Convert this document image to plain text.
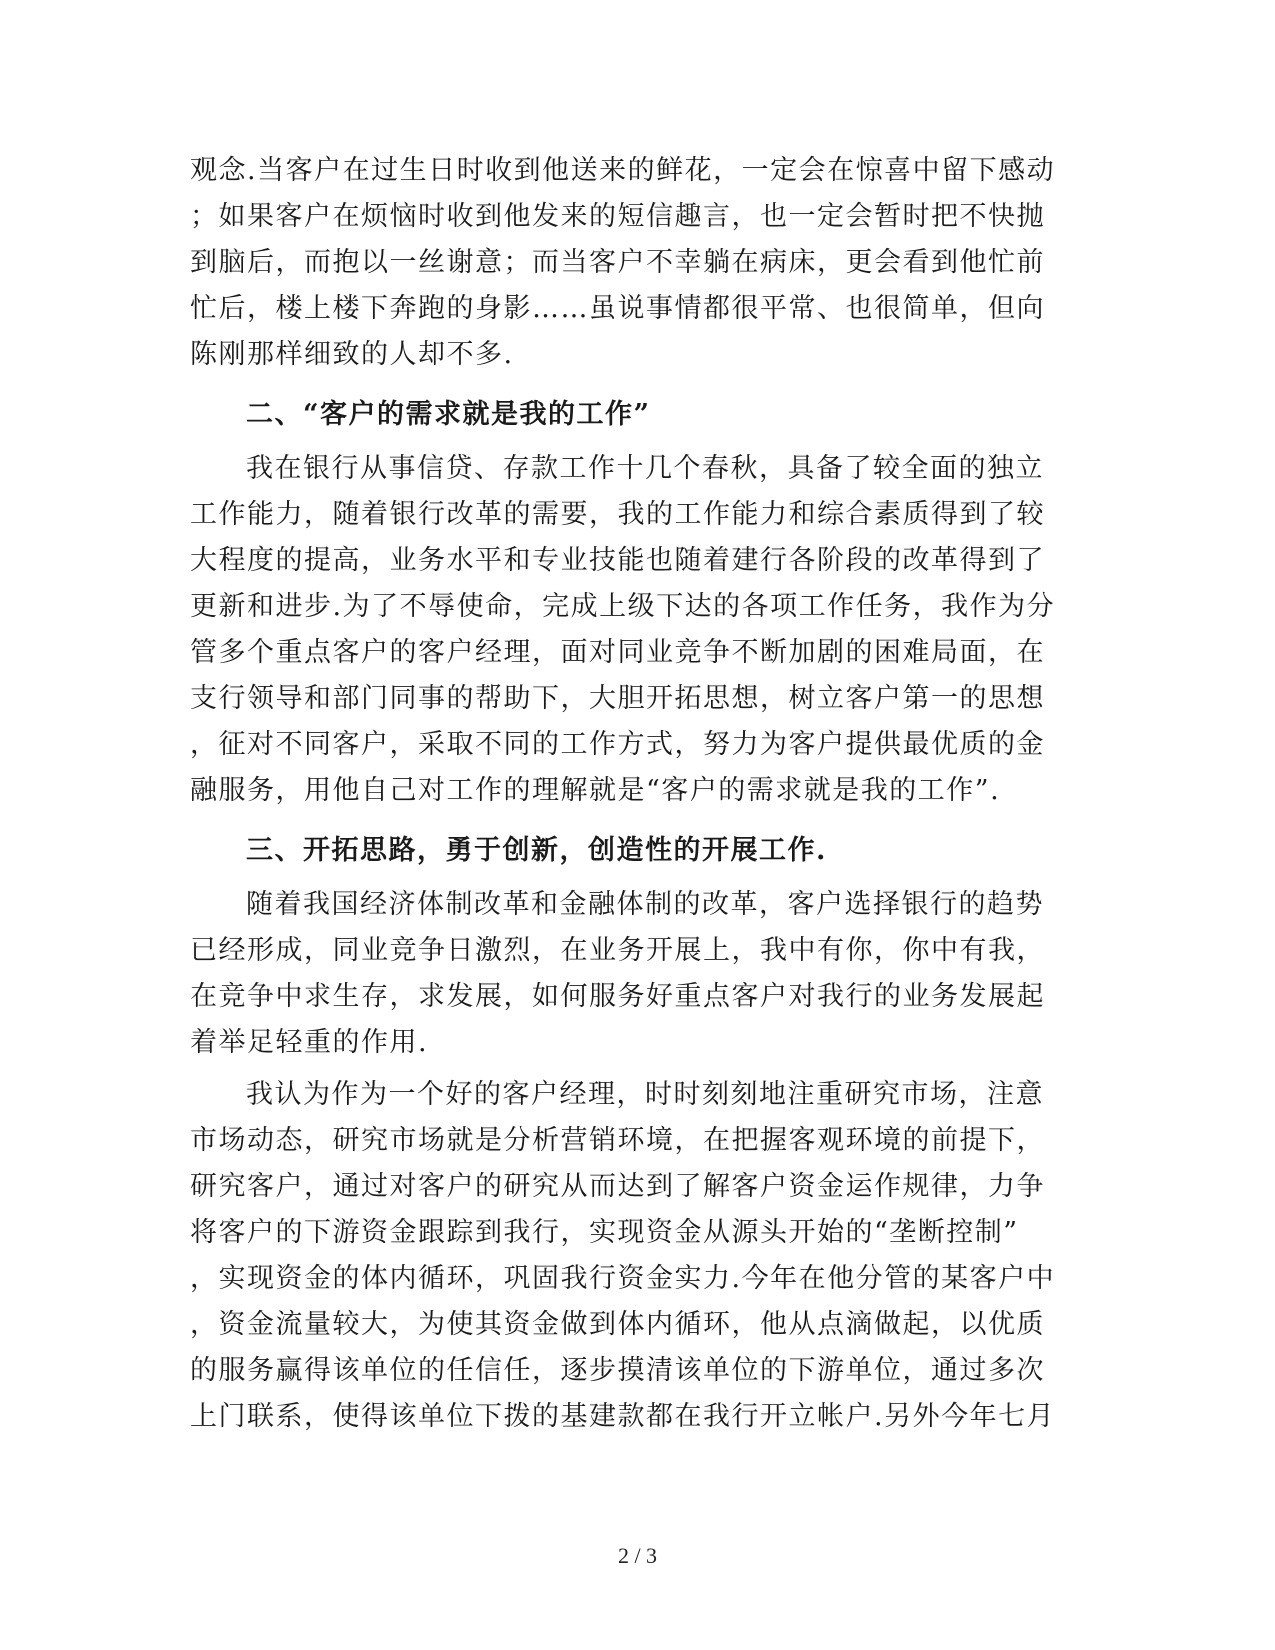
观念.当客户在过生日时收到他送来的鲜花，一定会在惊喜中留下感动
；如果客户在烦恼时收到他发来的短信趣言，也一定会暂时把不快抛
到脑后，而抱以一丝谢意；而当客户不幸躺在病床，更会看到他忙前
忙后，楼上楼下奔跑的身影……虽说事情都很平常、也很简单，但向
陈刚那样细致的人却不多.
二、“客户的需求就是我的工作”
我在银行从事信贷、存款工作十几个春秋，具备了较全面的独立
工作能力，随着银行改革的需要，我的工作能力和综合素质得到了较
大程度的提高，业务水平和专业技能也随着建行各阶段的改革得到了
更新和进步.为了不辱使命，完成上级下达的各项工作任务，我作为分
管多个重点客户的客户经理，面对同业竞争不断加剧的困难局面，在
支行领导和部门同事的帮助下，大胆开拓思想，树立客户第一的思想
，征对不同客户，采取不同的工作方式，努力为客户提供最优质的金
融服务，用他自己对工作的理解就是“客户的需求就是我的工作”.
三、开拓思路，勇于创新，创造性的开展工作.
随着我国经济体制改革和金融体制的改革，客户选择银行的趋势
已经形成，同业竞争日激烈，在业务开展上，我中有你，你中有我，
在竞争中求生存，求发展，如何服务好重点客户对我行的业务发展起
着举足轻重的作用.
我认为作为一个好的客户经理，时时刻刻地注重研究市场，注意
市场动态，研究市场就是分析营销环境，在把握客观环境的前提下，
研究客户，通过对客户的研究从而达到了解客户资金运作规律，力争
将客户的下游资金跟踪到我行，实现资金从源头开始的“垄断控制”
，实现资金的体内循环，巩固我行资金实力.今年在他分管的某客户中
，资金流量较大，为使其资金做到体内循环，他从点滴做起，以优质
的服务赢得该单位的任信任，逐步摸清该单位的下游单位，通过多次
上门联系，使得该单位下拨的基建款都在我行开立帐户.另外今年七月
2 / 3
